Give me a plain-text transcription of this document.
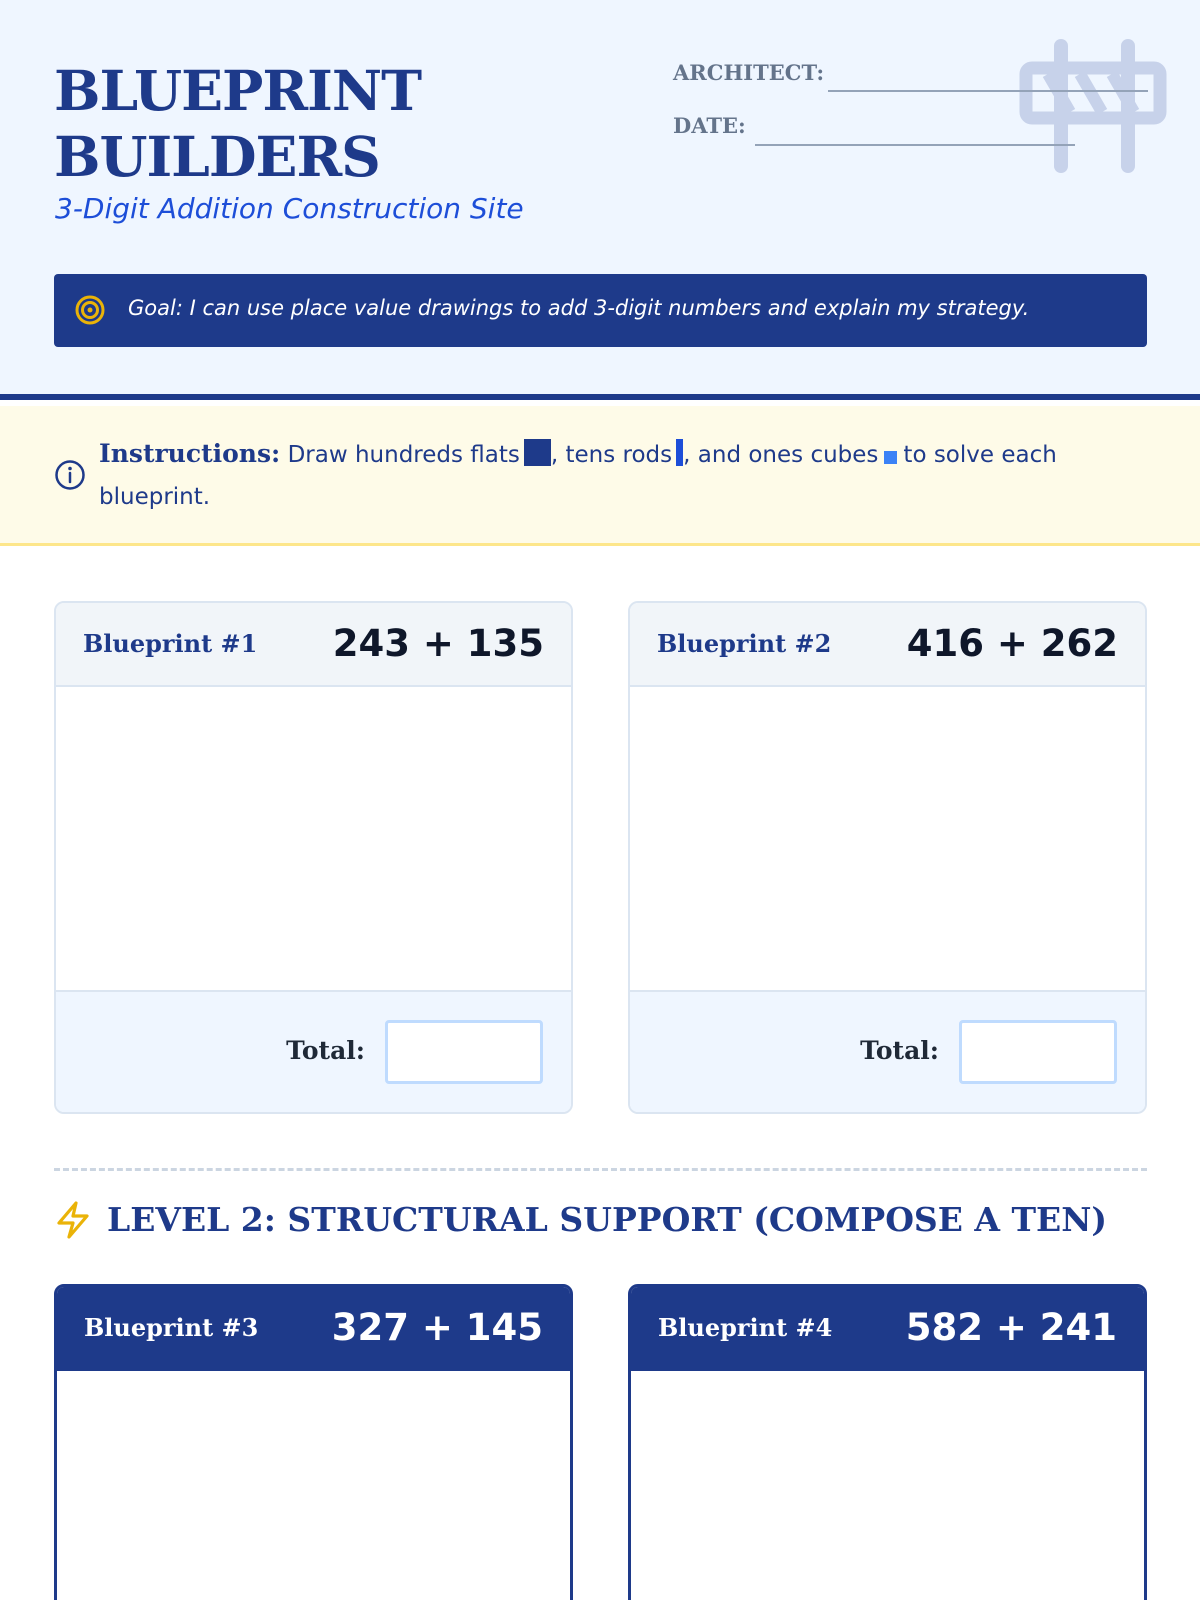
BLUEPRINT
BUILDERS
3-Digit Addition Construction Site
ARCHITECT:
DATE:
Goal: I can use place value drawings to add 3-digit numbers and explain my strategy.
Instructions: Draw hundreds flats , tens rods , and ones cubes to solve each blueprint.
Blueprint #1 243 + 135
Total:
Blueprint #2 416 + 262
Total:
LEVEL 2: STRUCTURAL SUPPORT (COMPOSE A TEN)
Blueprint #3 327 + 145	Blueprint #4 582 + 241
